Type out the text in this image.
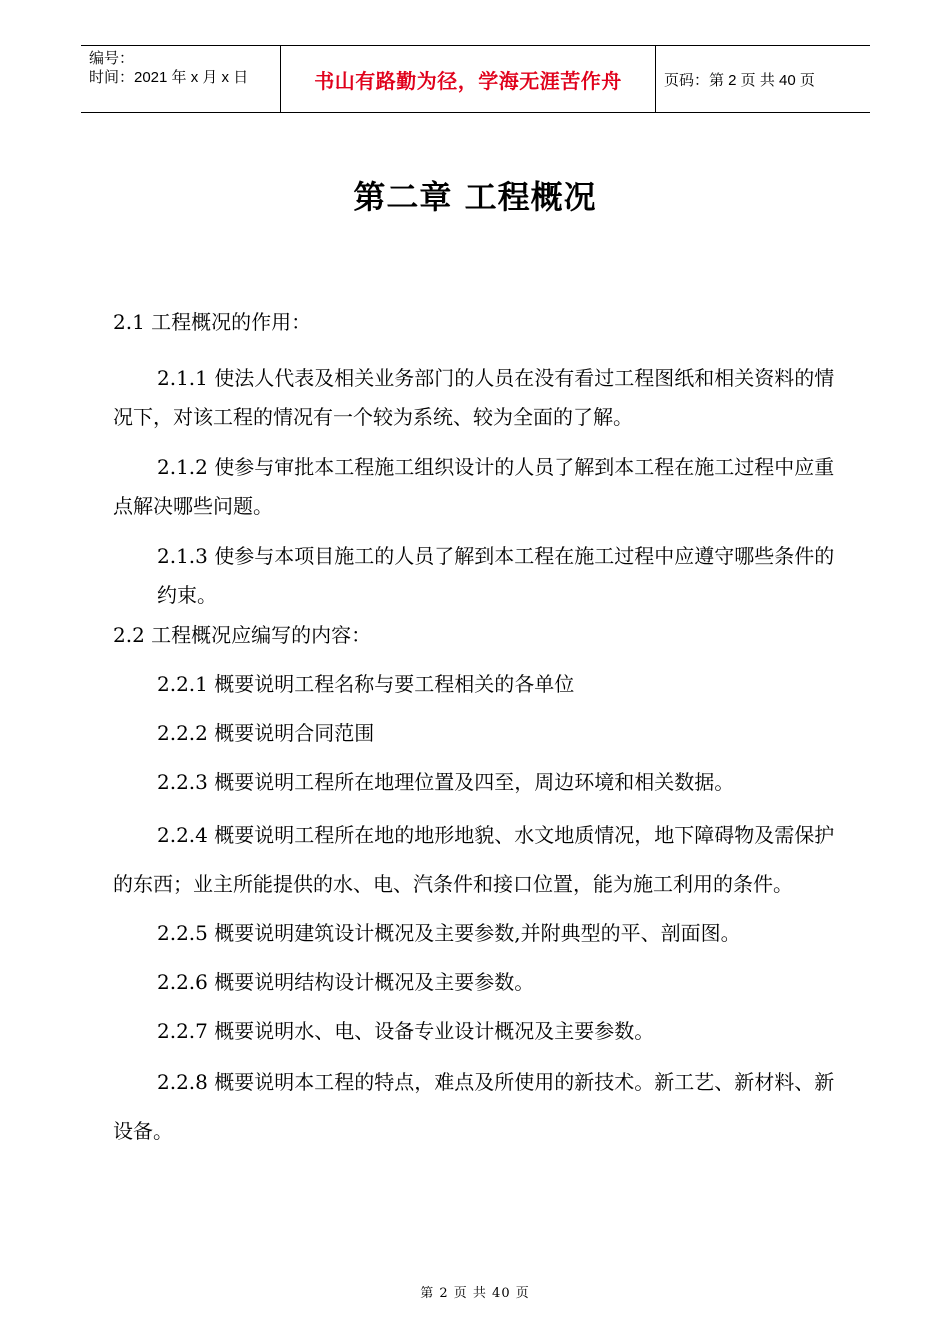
编号：
时间：2021 年 x 月 x 日	书山有路勤为径，学海无涯苦作舟	页码：第 2 页 共 40 页
第二章 工程概况

2.1 工程概况的作用：

2.1.1 使法人代表及相关业务部门的人员在没有看过工程图纸和相关资料的情况下，对该工程的情况有一个较为系统、较为全面的了解。

2.1.2 使参与审批本工程施工组织设计的人员了解到本工程在施工过程中应重点解决哪些问题。

2.1.3 使参与本项目施工的人员了解到本工程在施工过程中应遵守哪些条件的约束。

2.2 工程概况应编写的内容：

2.2.1 概要说明工程名称与要工程相关的各单位

2.2.2 概要说明合同范围

2.2.3 概要说明工程所在地理位置及四至，周边环境和相关数据。

2.2.4 概要说明工程所在地的地形地貌、水文地质情况，地下障碍物及需保护的东西；业主所能提供的水、电、汽条件和接口位置，能为施工利用的条件。

2.2.5 概要说明建筑设计概况及主要参数,并附典型的平、剖面图。

2.2.6 概要说明结构设计概况及主要参数。

2.2.7 概要说明水、电、设备专业设计概况及主要参数。

2.2.8 概要说明本工程的特点，难点及所使用的新技术。新工艺、新材料、新设备。

第 2 页 共 40 页
